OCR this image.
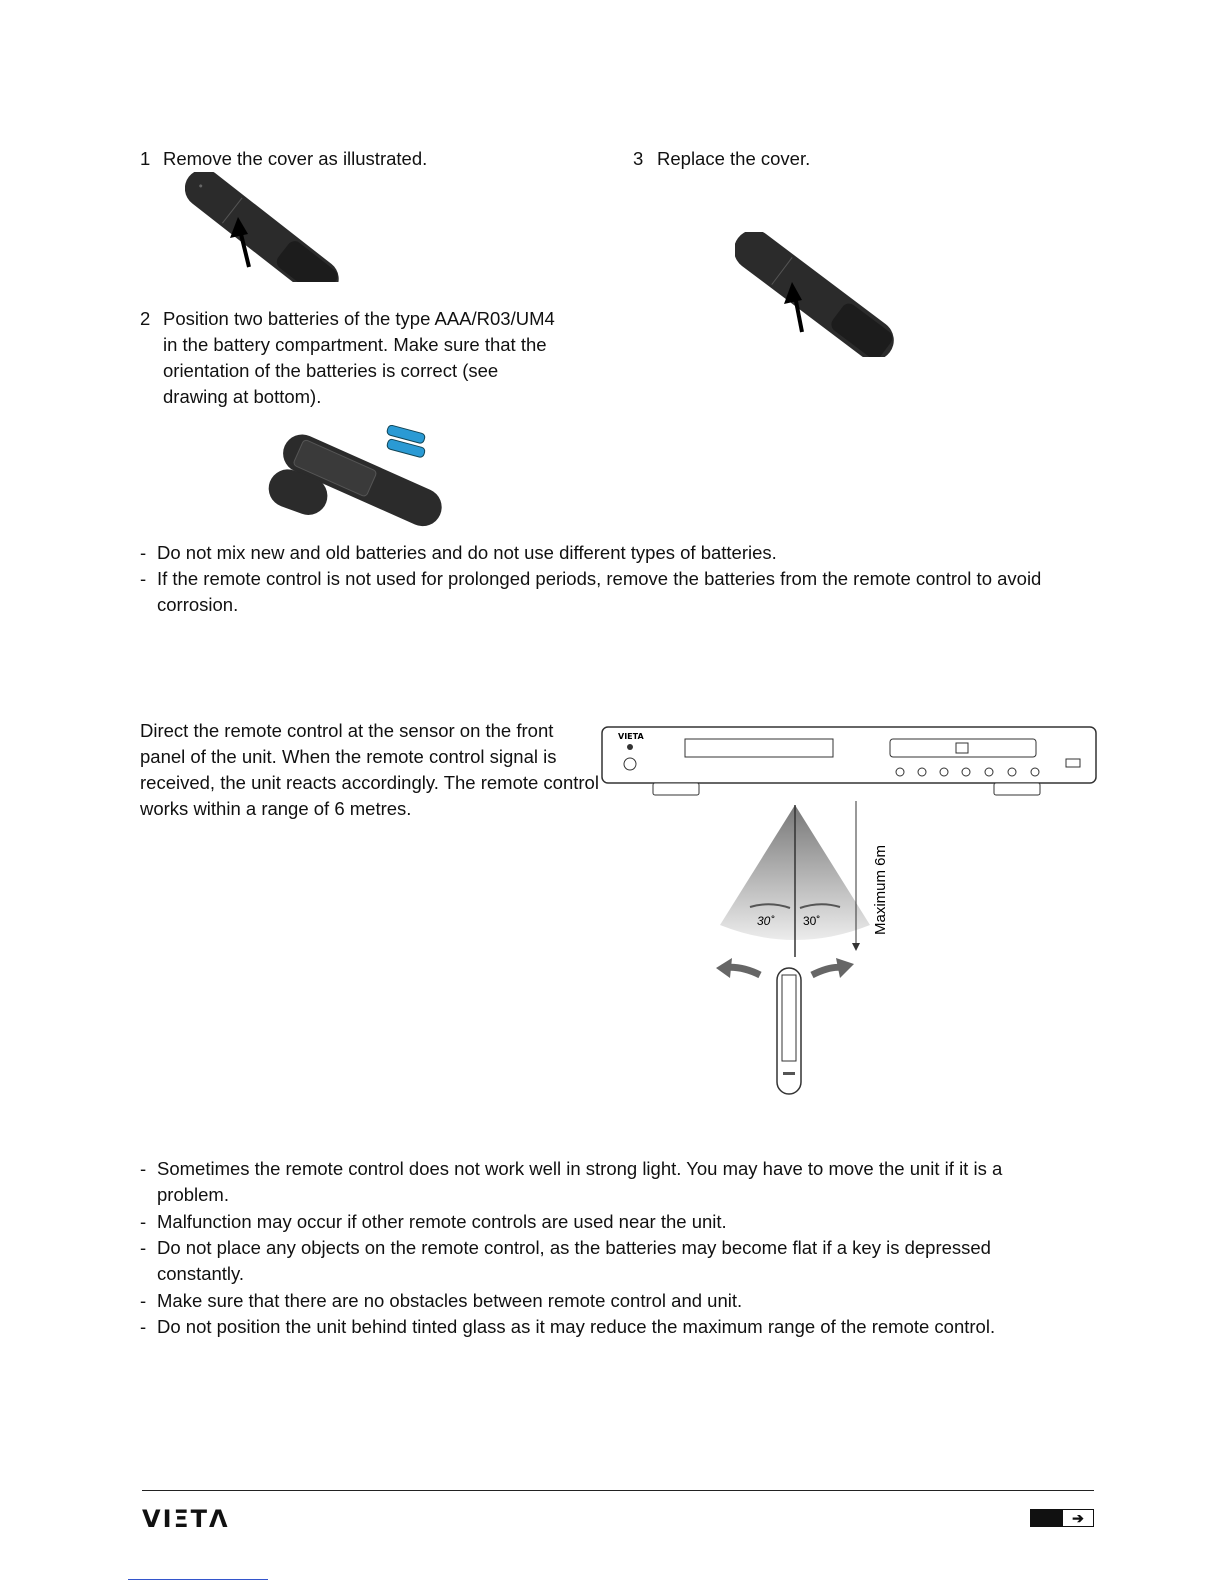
1 Remove the cover as illustrated.
2 Position two batteries of the type AAA/R03/UM4
in the battery compartment. Make sure that the
orientation of the batteries is correct (see
drawing at bottom).
3 Replace the cover.
- Do not mix new and old batteries and do not use different types of batteries.
- If the remote control is not used for prolonged periods, remove the batteries from the remote control to avoid corrosion.
Direct the remote control at the sensor on the front panel of the unit. When the remote control signal is received, the unit reacts accordingly. The remote control works within a range of 6 metres.
VIETA
Maximum 6m
30˚ 30˚
- Sometimes the remote control does not work well in strong light. You may have to move the unit if it is a problem.
- Malfunction may occur if other remote controls are used near the unit.
- Do not place any objects on the remote control, as the batteries may become flat if a key is depressed constantly.
- Make sure that there are no obstacles between remote control and unit.
- Do not position the unit behind tinted glass as it may reduce the maximum range of the remote control.
VIΞTΛ	➔
